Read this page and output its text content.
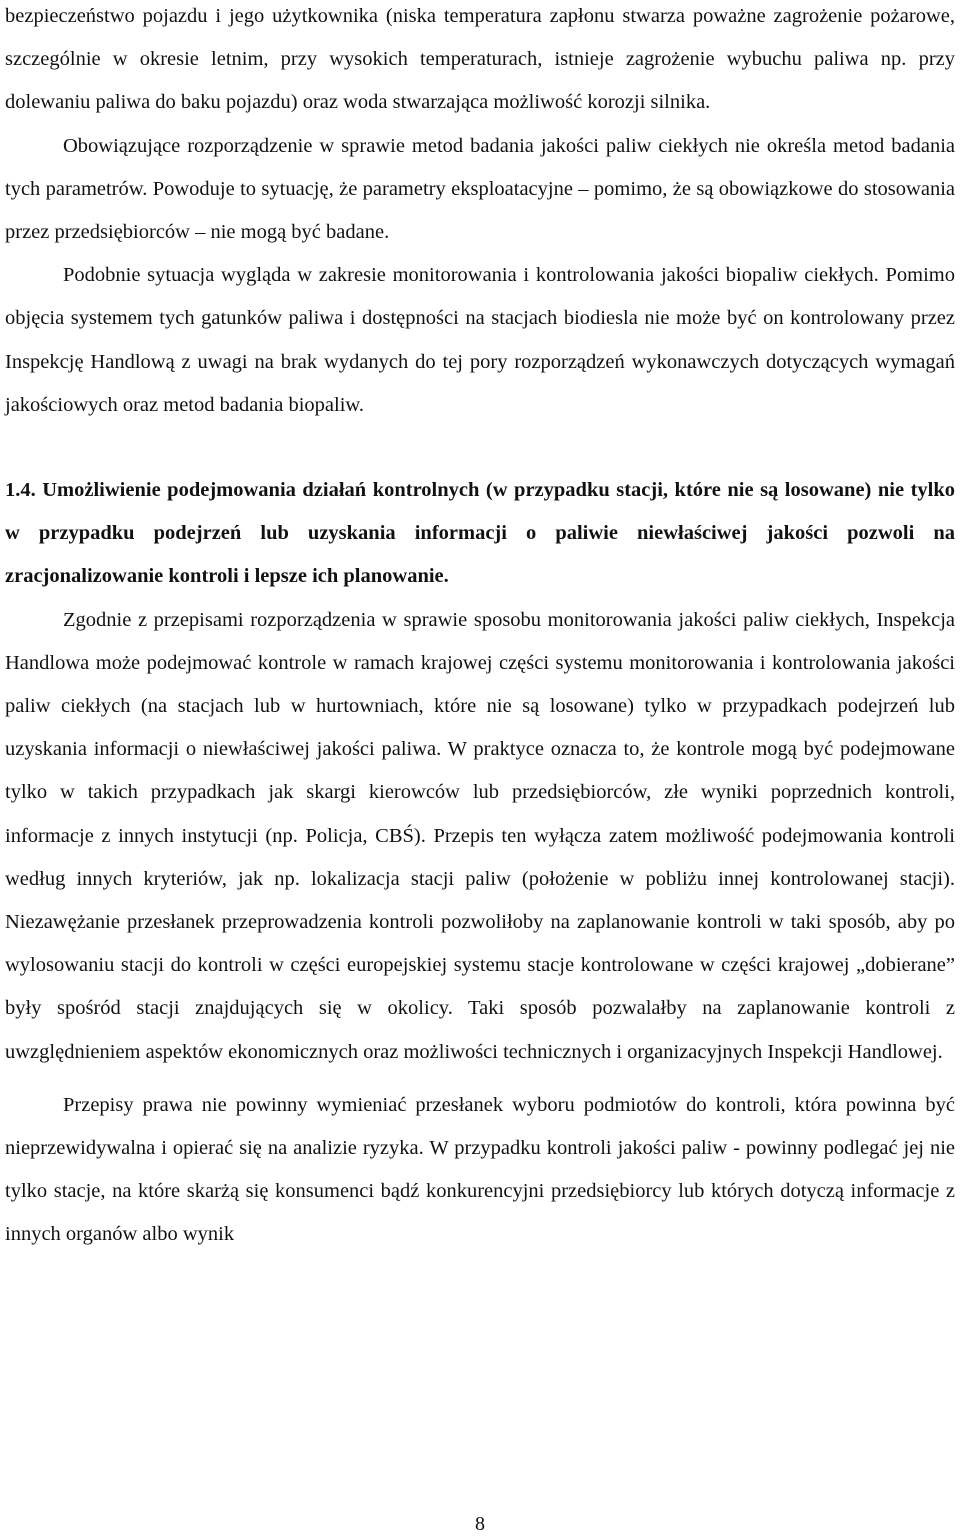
bezpieczeństwo pojazdu i jego użytkownika (niska temperatura zapłonu stwarza poważne zagrożenie pożarowe, szczególnie w okresie letnim, przy wysokich temperaturach, istnieje zagrożenie wybuchu paliwa np. przy dolewaniu paliwa do baku pojazdu) oraz woda stwarzająca możliwość korozji silnika.

Obowiązujące rozporządzenie w sprawie metod badania jakości paliw ciekłych nie określa metod badania tych parametrów. Powoduje to sytuację, że parametry eksploatacyjne – pomimo, że są obowiązkowe do stosowania przez przedsiębiorców – nie mogą być badane.

Podobnie sytuacja wygląda w zakresie monitorowania i kontrolowania jakości biopaliw ciekłych. Pomimo objęcia systemem tych gatunków paliwa i dostępności na stacjach biodiesla nie może być on kontrolowany przez Inspekcję Handlową z uwagi na brak wydanych do tej pory rozporządzeń wykonawczych dotyczących wymagań jakościowych oraz metod badania biopaliw.

1.4. Umożliwienie podejmowania działań kontrolnych (w przypadku stacji, które nie są losowane) nie tylko w przypadku podejrzeń lub uzyskania informacji o paliwie niewłaściwej jakości pozwoli na zracjonalizowanie kontroli i lepsze ich planowanie.

Zgodnie z przepisami rozporządzenia w sprawie sposobu monitorowania jakości paliw ciekłych, Inspekcja Handlowa może podejmować kontrole w ramach krajowej części systemu monitorowania i kontrolowania jakości paliw ciekłych (na stacjach lub w hurtowniach, które nie są losowane) tylko w przypadkach podejrzeń lub uzyskania informacji o niewłaściwej jakości paliwa. W praktyce oznacza to, że kontrole mogą być podejmowane tylko w takich przypadkach jak skargi kierowców lub przedsiębiorców, złe wyniki poprzednich kontroli, informacje z innych instytucji (np. Policja, CBŚ). Przepis ten wyłącza zatem możliwość podejmowania kontroli według innych kryteriów, jak np. lokalizacja stacji paliw (położenie w pobliżu innej kontrolowanej stacji). Niezawężanie przesłanek przeprowadzenia kontroli pozwoliłoby na zaplanowanie kontroli w taki sposób, aby po wylosowaniu stacji do kontroli w części europejskiej systemu stacje kontrolowane w części krajowej „dobierane” były spośród stacji znajdujących się w okolicy. Taki sposób pozwalałby na zaplanowanie kontroli z uwzględnieniem aspektów ekonomicznych oraz możliwości technicznych i organizacyjnych Inspekcji Handlowej.

Przepisy prawa nie powinny wymieniać przesłanek wyboru podmiotów do kontroli, która powinna być nieprzewidywalna i opierać się na analizie ryzyka. W przypadku kontroli jakości paliw - powinny podlegać jej nie tylko stacje, na które skarżą się konsumenci bądź konkurencyjni przedsiębiorcy lub których dotyczą informacje z innych organów albo wynik

8
